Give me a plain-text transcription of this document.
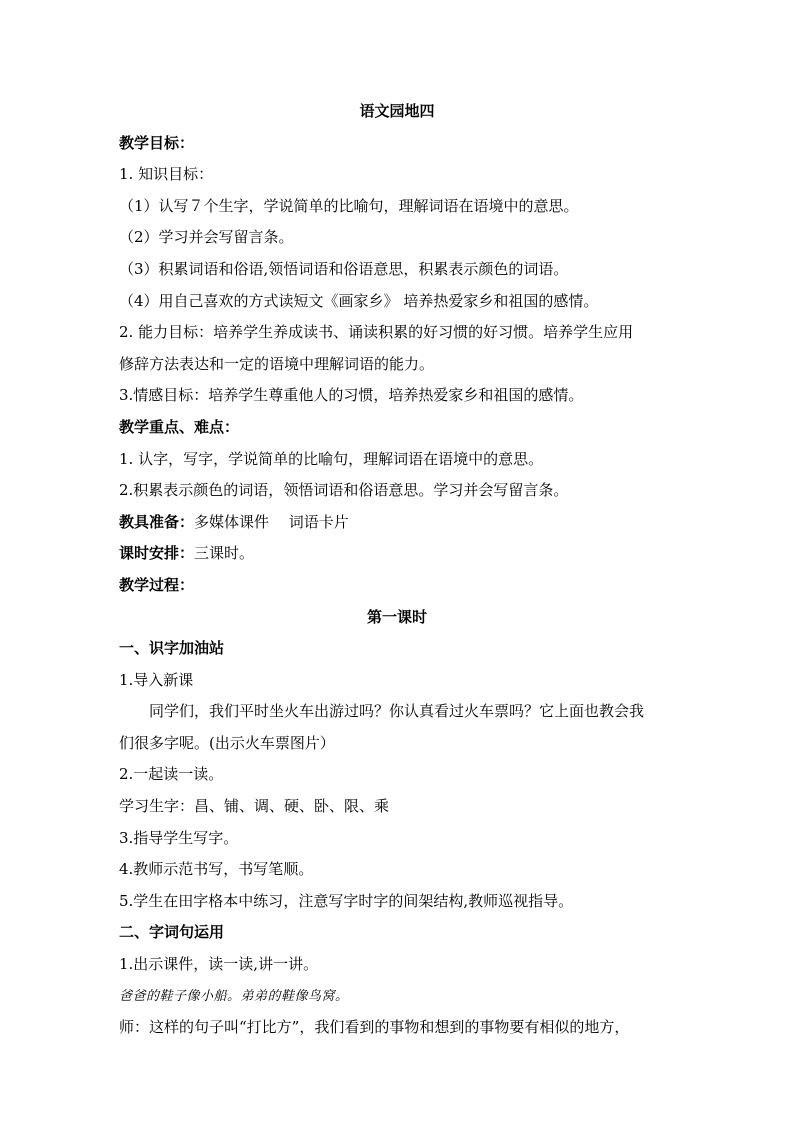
语文园地四

教学目标：

1. 知识目标：

（1）认写７个生字，学说简单的比喻句，理解词语在语境中的意思。

（2）学习并会写留言条。

（3）积累词语和俗语,领悟词语和俗语意思，积累表示颜色的词语。

（4）用自己喜欢的方式读短文《画家乡》 培养热爱家乡和祖国的感情。

2. 能力目标：培养学生养成读书、诵读积累的好习惯的好习惯。培养学生应用

修辞方法表达和一定的语境中理解词语的能力。

3.情感目标：培养学生尊重他人的习惯，培养热爱家乡和祖国的感情。

教学重点、难点：

1. 认字，写字，学说简单的比喻句，理解词语在语境中的意思。

2.积累表示颜色的词语，领悟词语和俗语意思。学习并会写留言条。

教具准备：多媒体课件　 词语卡片

课时安排：三课时。

教学过程：

第一课时

一、识字加油站

1.导入新课

同学们，我们平时坐火车出游过吗？你认真看过火车票吗？它上面也教会我

们很多字呢。(出示火车票图片）

2.一起读一读。

学习生字：昌、铺、调、硬、卧、限、乘

3.指导学生写字。

4.教师示范书写，书写笔顺。

5.学生在田字格本中练习，注意写字时字的间架结构,教师巡视指导。

二、字词句运用

1.出示课件，读一读,讲一讲。

爸爸的鞋子像小船。弟弟的鞋像鸟窝。

师：这样的句子叫“打比方”，我们看到的事物和想到的事物要有相似的地方，
